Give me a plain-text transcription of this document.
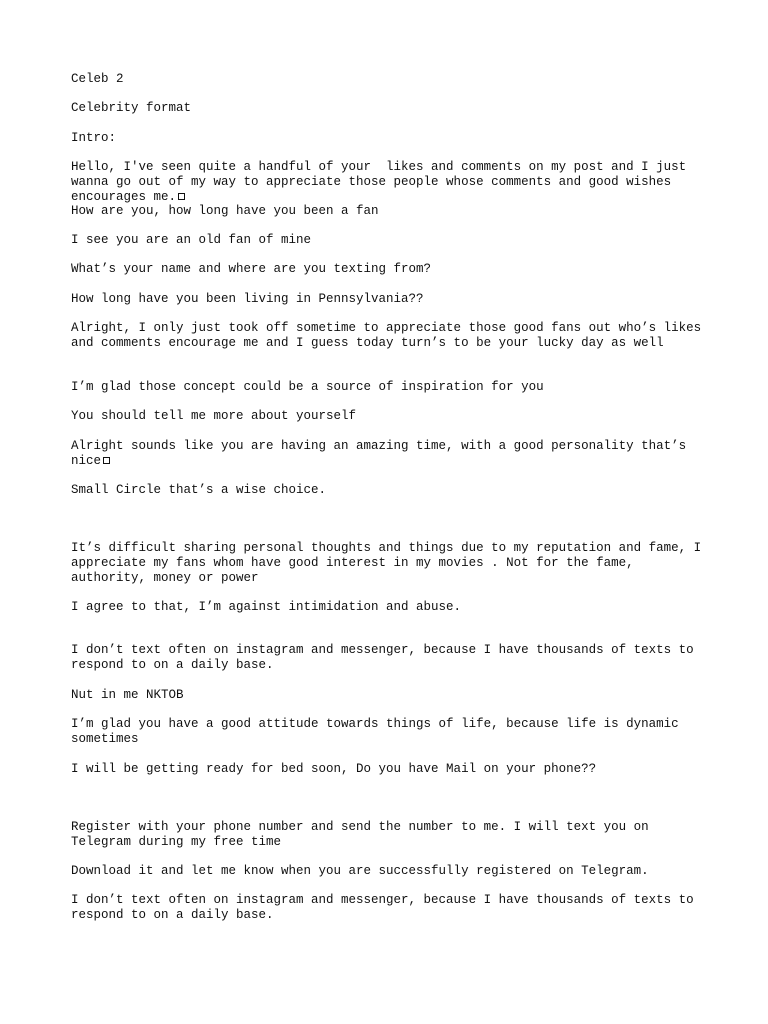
Celeb 2

Celebrity format

Intro:

Hello, I've seen quite a handful of your  likes and comments on my post and I just wanna go out of my way to appreciate those people whose comments and good wishes encourages me.

How are you, how long have you been a fan

I see you are an old fan of mine

What’s your name and where are you texting from?

How long have you been living in Pennsylvania??

Alright, I only just took off sometime to appreciate those good fans out who’s likes and comments encourage me and I guess today turn’s to be your lucky day as well

I’m glad those concept could be a source of inspiration for you

You should tell me more about yourself

Alright sounds like you are having an amazing time, with a good personality that’s nice

Small Circle that’s a wise choice.

It’s difficult sharing personal thoughts and things due to my reputation and fame, I appreciate my fans whom have good interest in my movies . Not for the fame, authority, money or power

I agree to that, I’m against intimidation and abuse.

I don’t text often on instagram and messenger, because I have thousands of texts to respond to on a daily base.

Nut in me NKTOB

I’m glad you have a good attitude towards things of life, because life is dynamic sometimes

I will be getting ready for bed soon, Do you have Mail on your phone??

Register with your phone number and send the number to me. I will text you on Telegram during my free time

Download it and let me know when you are successfully registered on Telegram.

I don’t text often on instagram and messenger, because I have thousands of texts to respond to on a daily base.
